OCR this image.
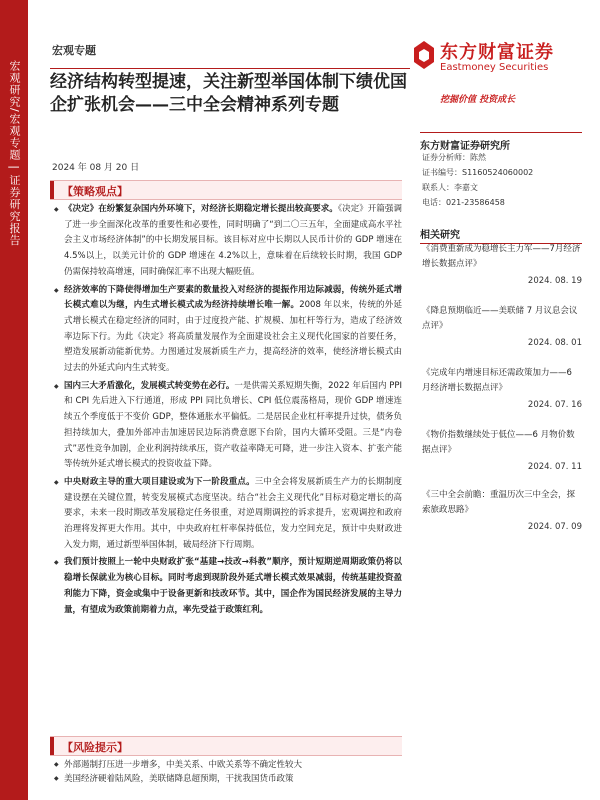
宏观研究/宏观专题 | 证券研究报告
宏观专题
经济结构转型提速，关注新型举国体制下绩优国企扩张机会——三中全会精神系列专题
2024 年 08 月 20 日
东方财富证券
Eastmoney Securities
挖掘价值 投资成长
东方财富证券研究所
证券分析师：陈然
证书编号：S1160524060002
联系人：李嘉文
电话：021-23586458
相关研究
《消费重新成为稳增长主力军——7月经济增长数据点评》
2024. 08. 19
《降息预期临近——美联储 7 月议息会议点评》
2024. 08. 01
《完成年内增速目标还需政策加力——6 月经济增长数据点评》
2024. 07. 16
《物价指数继续处于低位——6 月物价数据点评》
2024. 07. 11
《三中全会前瞻：重温历次三中全会，探索旅政思路》
2024. 07. 09
【策略观点】
◆ 《决定》在纷繁复杂国内外环境下，对经济长期稳定增长提出较高要求。《决定》开篇强调了进一步全面深化改革的重要性和必要性，同时明确了“到二〇三五年，全面建成高水平社会主义市场经济体制”的中长期发展目标。该目标对应中长期以人民币计价的 GDP 增速在 4.5%以上，以美元计价的 GDP 增速在 4.2%以上，意味着在后续较长时期，我国 GDP 仍需保持较高增速，同时确保汇率不出现大幅贬值。
◆ 经济效率的下降使得增加生产要素的数量投入对经济的提振作用边际减弱，传统外延式增长模式难以为继，内生式增长模式成为经济持续增长唯一解。2008 年以来，传统的外延式增长模式在稳定经济的同时，由于过度投产能、扩规模、加杠杆等行为，造成了经济效率边际下行。为此《决定》将高质量发展作为全面建设社会主义现代化国家的首要任务，塑造发展新动能新优势。力图通过发展新质生产力，提高经济的效率，使经济增长模式由过去的外延式向内生式转变。
◆ 国内三大矛盾激化，发展模式转变势在必行。一是供需关系短期失衡，2022 年后国内 PPI 和 CPI 先后进入下行通道，形成 PPI 同比负增长、CPI 低位震荡格局，现价 GDP 增速连续五个季度低于不变价 GDP，整体通胀水平偏低。二是居民企业杠杆率提升过快，债务负担持续加大，叠加外部冲击加速居民边际消费意愿下台阶，国内大循环受阻。三是“内卷式”恶性竞争加剧，企业利润持续承压，资产收益率降无可降，进一步注入资本、扩张产能等传统外延式增长模式的投资收益下降。
◆ 中央财政主导的重大项目建设或为下一阶段重点。三中全会将发展新质生产力的长期制度建设摆在关键位置，转变发展模式态度坚决。结合“社会主义现代化”目标对稳定增长的高要求，未来一段时期改革发展稳定任务很重，对逆周期调控的诉求提升，宏观调控和政府治理将发挥更大作用。其中，中央政府杠杆率保持低位，发力空间充足，预计中央财政进入发力期，通过新型举国体制，破局经济下行周期。
◆ 我们预计按照上一轮中央财政扩张“基建→技改→科教”顺序，预计短期逆周期政策仍将以稳增长保就业为核心目标。同时考虑到现阶段外延式增长模式效果减弱，传统基建投资盈利能力下降，资金或集中于设备更新和技改环节。其中，国企作为国民经济发展的主导力量，有望成为政策前期着力点，率先受益于政策红利。
【风险提示】
◆ 外部遏制打压进一步增多，中美关系、中欧关系等不确定性较大
◆ 美国经济硬着陆风险，美联储降息超预期，干扰我国货币政策
